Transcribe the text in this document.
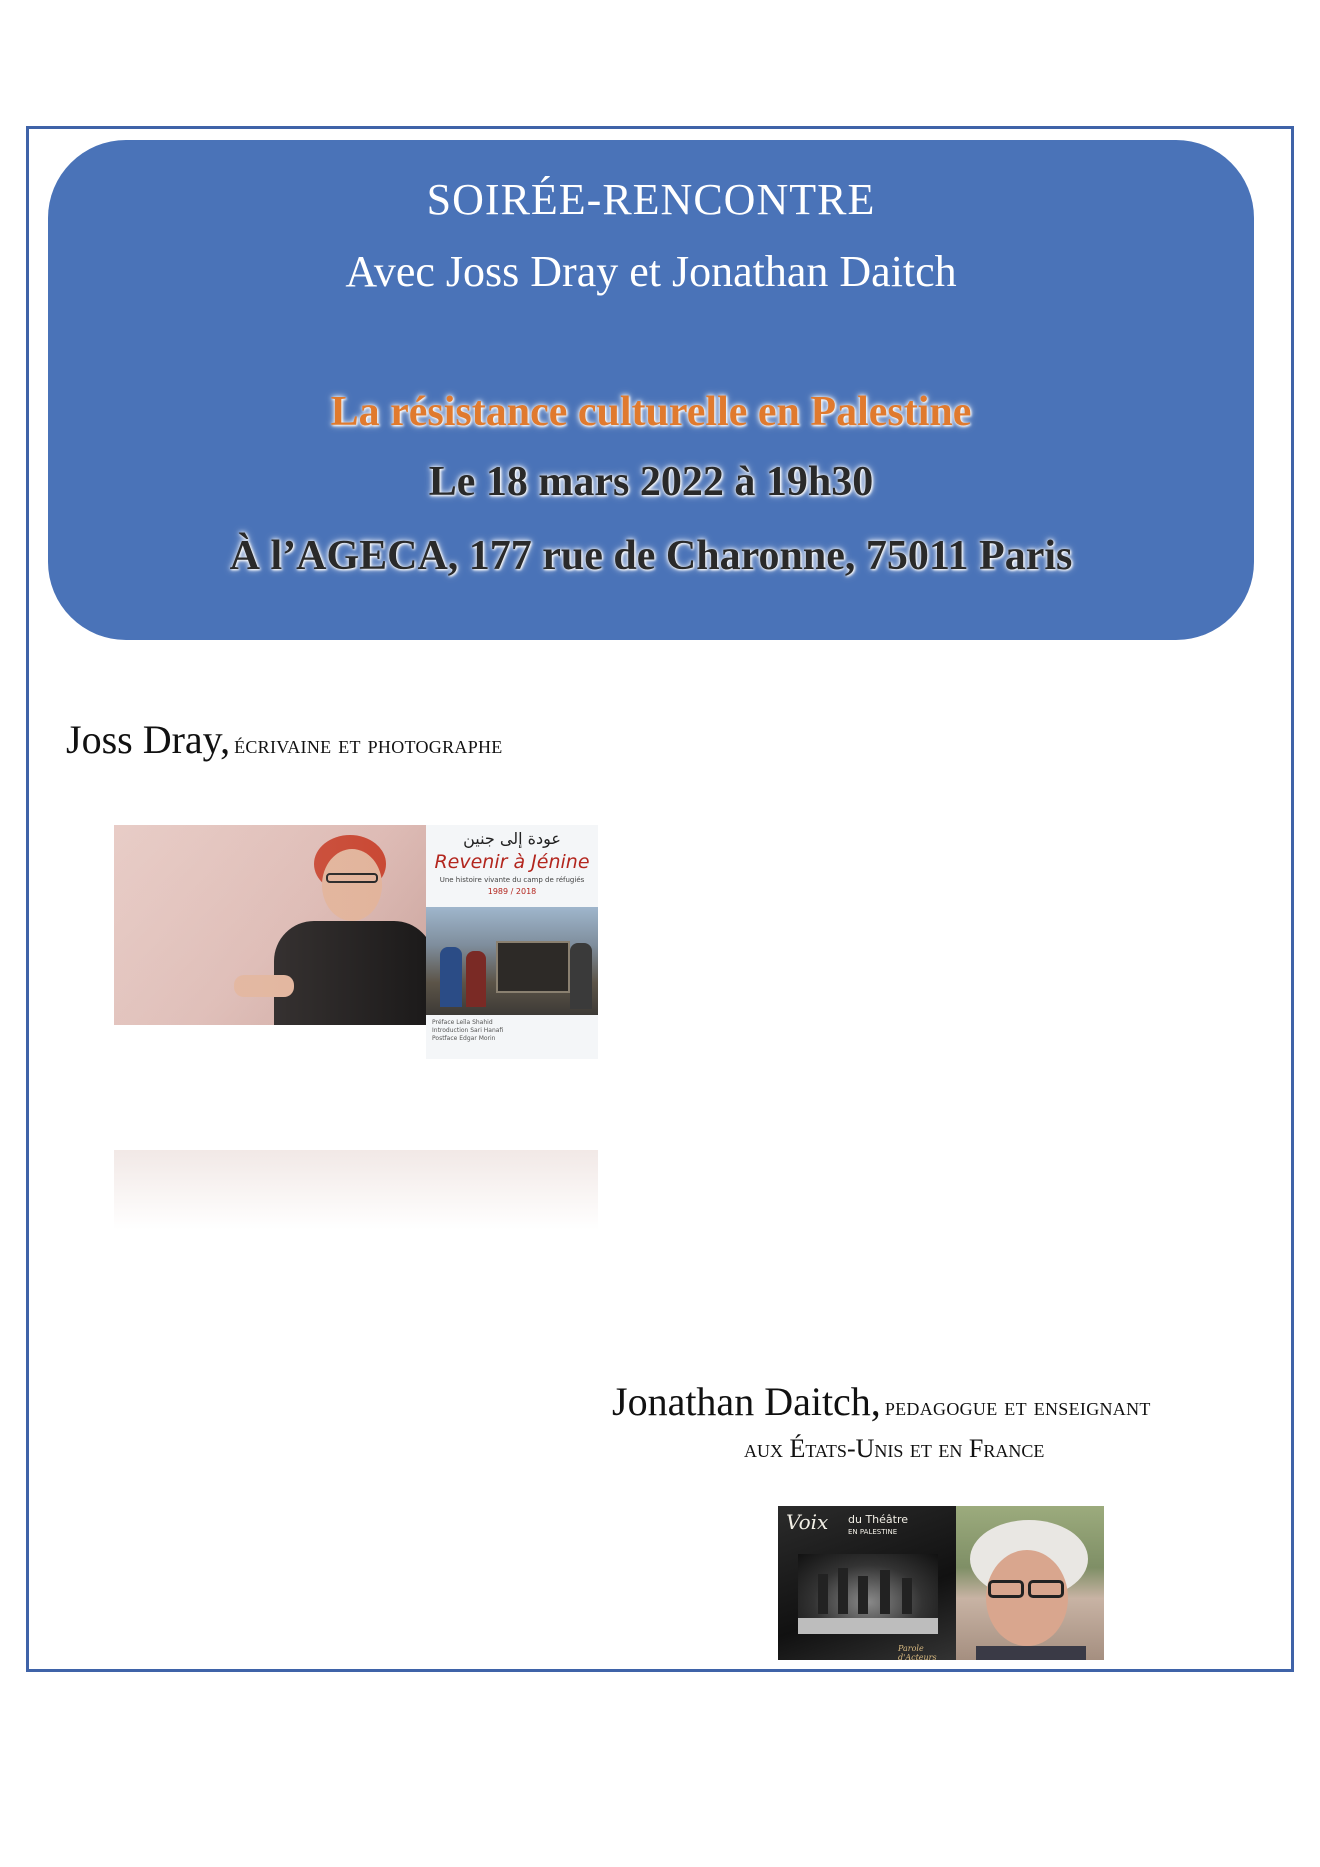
SOIRÉE-RENCONTRE
Avec Joss Dray et Jonathan Daitch
La résistance culturelle en Palestine
Le 18 mars 2022 à 19h30
À l’AGECA, 177 rue de Charonne, 75011 Paris
Joss Dray, écrivaine et photographe
عودة إلى جنين
Revenir à Jénine
Une histoire vivante du camp de réfugiés
1989 / 2018
Préface Leïla Shahid
Introduction Sari Hanafi
Postface Edgar Morin
Jonathan Daitch, pedagogue et enseignant
aux États-Unis et en France
Voix du Théâtre
EN PALESTINE
Parole d'Acteurs
